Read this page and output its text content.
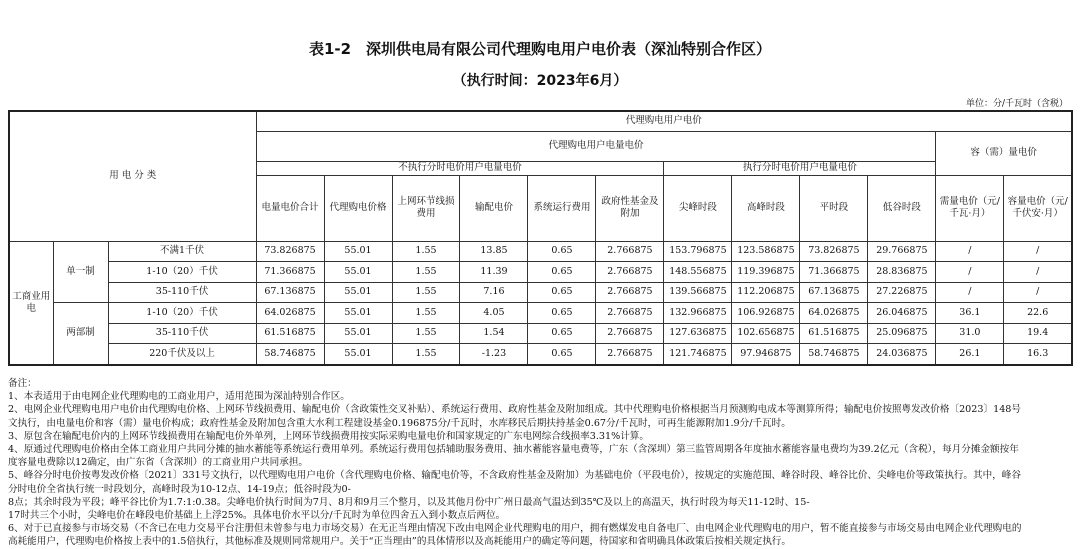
表1-2　深圳供电局有限公司代理购电用户电价表（深汕特别合作区）
（执行时间：2023年6月）
单位：分/千瓦时（含税）
用 电 分 类			代理购电用户电价											
			代理购电用户电量电价										容（需）量电价	
			不执行分时电价用户电量电价						执行分时电价用户电量电价					
			电量电价合计	代理购电价格	上网环节线损费用	输配电价	系统运行费用	政府性基金及附加	尖峰时段	高峰时段	平时段	低谷时段	需量电价（元/千瓦·月）	容量电价（元/千伏安·月）
工商业用电	单一制	不满1千伏	73.826875	55.01	1.55	13.85	0.65	2.766875	153.796875	123.586875	73.826875	29.766875	/	/
		1-10（20）千伏	71.366875	55.01	1.55	11.39	0.65	2.766875	148.556875	119.396875	71.366875	28.836875	/	/
		35-110千伏	67.136875	55.01	1.55	7.16	0.65	2.766875	139.566875	112.206875	67.136875	27.226875	/	/
	两部制	1-10（20）千伏	64.026875	55.01	1.55	4.05	0.65	2.766875	132.966875	106.926875	64.026875	26.046875	36.1	22.6
		35-110千伏	61.516875	55.01	1.55	1.54	0.65	2.766875	127.636875	102.656875	61.516875	25.096875	31.0	19.4
		220千伏及以上	58.746875	55.01	1.55	-1.23	0.65	2.766875	121.746875	97.946875	58.746875	24.036875	26.1	16.3
备注：
1、本表适用于由电网企业代理购电的工商业用户，适用范围为深汕特别合作区。
2、电网企业代理购电用户电价由代理购电价格、上网环节线损费用、输配电价（含政策性交叉补贴）、系统运行费用、政府性基金及附加组成。其中代理购电价格根据当月预测购电成本等测算所得；输配电价按照粤发改价格〔2023〕148号
文执行，由电量电价和容（需）量电价构成；政府性基金及附加包含重大水利工程建设基金0.196875分/千瓦时，水库移民后期扶持基金0.67分/千瓦时，可再生能源附加1.9分/千瓦时。
3、原包含在输配电价内的上网环节线损费用在输配电价外单列，上网环节线损费用按实际采购电量电价和国家规定的广东电网综合线损率3.31%计算。
4、原通过代理购电价格由全体工商业用户共同分摊的抽水蓄能等系统运行费用单列。系统运行费用包括辅助服务费用、抽水蓄能容量电费等，广东（含深圳）第三监管周期各年度抽水蓄能容量电费均为39.2亿元（含税），每月分摊金额按年
度容量电费除以12确定，由广东省（含深圳）的工商业用户共同承担。
5、峰谷分时电价按粤发改价格〔2021〕331号文执行，以代理购电用户电价（含代理购电价格、输配电价等，不含政府性基金及附加）为基础电价（平段电价），按规定的实施范围、峰谷时段、峰谷比价、尖峰电价等政策执行。其中，峰谷
分时电价全省执行统一时段划分，高峰时段为10-12点、14-19点；低谷时段为0-
8点；其余时段为平段；峰平谷比价为1.7:1:0.38。尖峰电价执行时间为7月、8月和9月三个整月，以及其他月份中广州日最高气温达到35℃及以上的高温天，执行时段为每天11-12时、15-
17时共三个小时，尖峰电价在峰段电价基础上上浮25%。具体电价水平以分/千瓦时为单位四舍五入到小数点后两位。
6、对于已直接参与市场交易（不含已在电力交易平台注册但未曾参与电力市场交易）在无正当理由情况下改由电网企业代理购电的用户，拥有燃煤发电自备电厂、由电网企业代理购电的用户，暂不能直接参与市场交易由电网企业代理购电的
高耗能用户，代理购电价格按上表中的1.5倍执行，其他标准及规则同常规用户。关于“正当理由”的具体情形以及高耗能用户的确定等问题，待国家和省明确具体政策后按相关规定执行。
